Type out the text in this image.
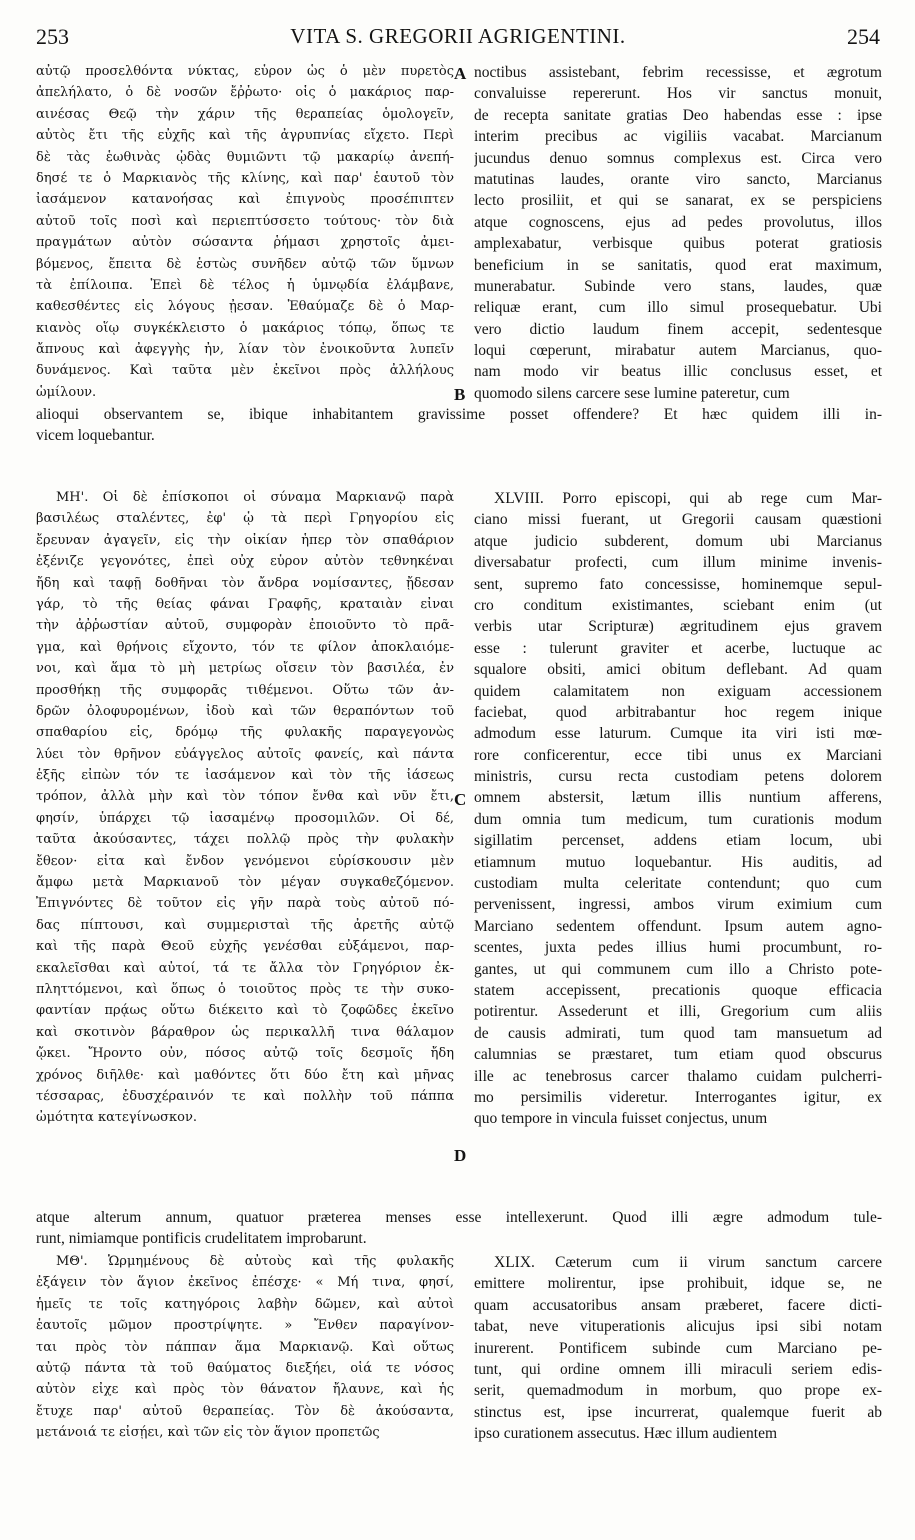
253	VITA S. GREGORII AGRIGENTINI.	254
αὐτῷ προσελθόντα νύκτας, εὗρον ὡς ὁ μὲν πυρετὸς
ἀπελήλατο, ὁ δὲ νοσῶν ἔῤῥωτο· οἷς ὁ μακάριος παρ-
αινέσας Θεῷ τὴν χάριν τῆς θεραπείας ὁμολογεῖν,
αὐτὸς ἔτι τῆς εὐχῆς καὶ τῆς ἀγρυπνίας εἴχετο. Περὶ
δὲ τὰς ἑωθινὰς ᾠδὰς θυμιῶντι τῷ μακαρίῳ ἀνεπή-
δησέ τε ὁ Μαρκιανὸς τῆς κλίνης, καὶ παρ' ἑαυτοῦ τὸν
ἰασάμενον κατανοήσας καὶ ἐπιγνοὺς προσέπιπτεν
αὐτοῦ τοῖς ποσὶ καὶ περιεπτύσσετο τούτους· τὸν διὰ
πραγμάτων αὐτὸν σώσαντα ῥήμασι χρηστοῖς ἀμει-
βόμενος, ἔπειτα δὲ ἑστὼς συνῆδεν αὐτῷ τῶν ὕμνων
τὰ ἐπίλοιπα. Ἐπεὶ δὲ τέλος ἡ ὑμνῳδία ἐλάμβανε,
καθεσθέντες εἰς λόγους ᾖεσαν. Ἐθαύμαζε δὲ ὁ Μαρ-
κιανὸς οἵῳ συγκέκλειστο ὁ μακάριος τόπῳ, ὅπως τε
ἄπνους καὶ ἀφεγγὴς ἦν, λίαν τὸν ἐνοικοῦντα λυπεῖν
δυνάμενος. Καὶ ταῦτα μὲν ἐκεῖνοι πρὸς ἀλλήλους
ὡμίλουν.
noctibus assistebant, febrim recessisse, et ægrotum
convaluisse repererunt. Hos vir sanctus monuit,
de recepta sanitate gratias Deo habendas esse : ipse
interim precibus ac vigiliis vacabat. Marcianum
jucundus denuo somnus complexus est. Circa vero
matutinas laudes, orante viro sancto, Marcianus
lecto prosiliit, et qui se sanarat, ex se perspiciens
atque cognoscens, ejus ad pedes provolutus, illos
amplexabatur, verbisque quibus poterat gratiosis
beneficium in se sanitatis, quod erat maximum,
munerabatur. Subinde vero stans, laudes, quæ
reliquæ erant, cum illo simul prosequebatur. Ubi
vero dictio laudum finem accepit, sedentesque
loqui cœperunt, mirabatur autem Marcianus, quo-
nam modo vir beatus illic conclusus esset, et
quomodo silens carcere sese lumine pateretur, cum
alioqui observantem se, ibique inhabitantem gravissime posset offendere? Et hæc quidem illi in-
vicem loquebantur.
A
B
ΜΗ'. Οἱ δὲ ἐπίσκοποι οἱ σύναμα Μαρκιανῷ παρὰ
βασιλέως σταλέντες, ἐφ' ᾧ τὰ περὶ Γρηγορίου εἰς
ἔρευναν ἀγαγεῖν, εἰς τὴν οἰκίαν ἧπερ τὸν σπαθάριον
ἐξένιζε γεγονότες, ἐπεὶ οὐχ εὗρον αὐτὸν τεθνηκέναι
ἤδη καὶ ταφῇ δοθῆναι τὸν ἄνδρα νομίσαντες, ᾔδεσαν
γάρ, τὸ τῆς θείας φάναι Γραφῆς, κραταιὰν εἶναι
τὴν ἀῤῥωστίαν αὐτοῦ, συμφορὰν ἐποιοῦντο τὸ πρᾶ-
γμα, καὶ θρήνοις εἴχοντο, τόν τε φίλον ἀποκλαιόμε-
νοι, καὶ ἅμα τὸ μὴ μετρίως οἴσειν τὸν βασιλέα, ἐν
προσθήκῃ τῆς συμφορᾶς τιθέμενοι. Οὕτω τῶν ἀν-
δρῶν ὀλοφυρομένων, ἰδοὺ καὶ τῶν θεραπόντων τοῦ
σπαθαρίου εἷς, δρόμῳ τῆς φυλακῆς παραγεγονὼς
λύει τὸν θρῆνον εὐάγγελος αὐτοῖς φανείς, καὶ πάντα
ἑξῆς εἰπὼν τόν τε ἰασάμενον καὶ τὸν τῆς ἰάσεως
τρόπον, ἀλλὰ μὴν καὶ τὸν τόπον ἔνθα καὶ νῦν ἔτι,
φησίν, ὑπάρχει τῷ ἰασαμένῳ προσομιλῶν. Οἱ δέ,
ταῦτα ἀκούσαντες, τάχει πολλῷ πρὸς τὴν φυλακὴν
ἔθεον· εἶτα καὶ ἔνδον γενόμενοι εὑρίσκουσιν μὲν
ἄμφω μετὰ Μαρκιανοῦ τὸν μέγαν συγκαθεζόμενον.
Ἐπιγνόντες δὲ τοῦτον εἰς γῆν παρὰ τοὺς αὐτοῦ πό-
δας πίπτουσι, καὶ συμμερισταὶ τῆς ἀρετῆς αὐτῷ
καὶ τῆς παρὰ Θεοῦ εὐχῆς γενέσθαι εὐξάμενοι, παρ-
εκαλεῖσθαι καὶ αὐτοί, τά τε ἄλλα τὸν Γρηγόριον ἐκ-
πληττόμενοι, καὶ ὅπως ὁ τοιοῦτος πρὸς τε τὴν συκο-
φαντίαν πρᾴως οὕτω διέκειτο καὶ τὸ ζοφῶδες ἐκεῖνο
καὶ σκοτινὸν βάραθρον ὡς περικαλλῆ τινα θάλαμον
ᾤκει. Ἤροντο οὖν, πόσος αὐτῷ τοῖς δεσμοῖς ἤδη
χρόνος διῆλθε· καὶ μαθόντες ὅτι δύο ἔτη καὶ μῆνας
τέσσαρας, ἐδυσχέραινόν τε καὶ πολλὴν τοῦ πάππα
ὠμότητα κατεγίνωσκον.
XLVIII. Porro episcopi, qui ab rege cum Mar-
ciano missi fuerant, ut Gregorii causam quæstioni
atque judicio subderent, domum ubi Marcianus
diversabatur profecti, cum illum minime invenis-
sent, supremo fato concessisse, hominemque sepul-
cro conditum existimantes, sciebant enim (ut
verbis utar Scripturæ) ægritudinem ejus gravem
esse : tulerunt graviter et acerbe, luctuque ac
squalore obsiti, amici obitum deflebant. Ad quam
quidem calamitatem non exiguam accessionem
faciebat, quod arbitrabantur hoc regem inique
admodum esse laturum. Cumque ita viri isti mœ-
rore conficerentur, ecce tibi unus ex Marciani
ministris, cursu recta custodiam petens dolorem
omnem abstersit, lætum illis nuntium afferens,
dum omnia tum medicum, tum curationis modum
sigillatim percenset, addens etiam locum, ubi
etiamnum mutuo loquebantur. His auditis, ad
custodiam multa celeritate contendunt; quo cum
pervenissent, ingressi, ambos virum eximium cum
Marciano sedentem offendunt. Ipsum autem agno-
scentes, juxta pedes illius humi procumbunt, ro-
gantes, ut qui communem cum illo a Christo pote-
statem accepissent, precationis quoque efficacia
potirentur. Assederunt et illi, Gregorium cum aliis
de causis admirati, tum quod tam mansuetum ad
calumnias se præstaret, tum etiam quod obscurus
ille ac tenebrosus carcer thalamo cuidam pulcherri-
mo persimilis videretur. Interrogantes igitur, ex
quo tempore in vincula fuisset conjectus, unum
atque alterum annum, quatuor præterea menses esse intellexerunt. Quod illi ægre admodum tule-
runt, nimiamque pontificis crudelitatem improbarunt.
C
D
ΜΘ'. Ὡρμημένους δὲ αὐτοὺς καὶ τῆς φυλακῆς
ἐξάγειν τὸν ἅγιον ἐκεῖνος ἐπέσχε· « Μή τινα, φησί,
ἡμεῖς τε τοῖς κατηγόροις λαβὴν δῶμεν, καὶ αὐτοὶ
ἑαυτοῖς μῶμον προστρίψητε. » Ἔνθεν παραγίνον-
ται πρὸς τὸν πάππαν ἅμα Μαρκιανῷ. Καὶ οὕτως
αὐτῷ πάντα τὰ τοῦ θαύματος διεξήει, οἷά τε νόσος
αὐτὸν εἶχε καὶ πρὸς τὸν θάνατον ἤλαυνε, καὶ ἧς
ἔτυχε παρ' αὐτοῦ θεραπείας. Τὸν δὲ ἀκούσαντα,
μετάνοιά τε εἰσῄει, καὶ τῶν εἰς τὸν ἅγιον προπετῶς
XLIX. Cæterum cum ii virum sanctum carcere
emittere molirentur, ipse prohibuit, idque se, ne
quam accusatoribus ansam præberet, facere dicti-
tabat, neve vituperationis alicujus ipsi sibi notam
inurerent. Pontificem subinde cum Marciano pe-
tunt, qui ordine omnem illi miraculi seriem edis-
serit, quemadmodum in morbum, quo prope ex-
stinctus est, ipse incurrerat, qualemque fuerit ab
ipso curationem assecutus. Hæc illum audientem
